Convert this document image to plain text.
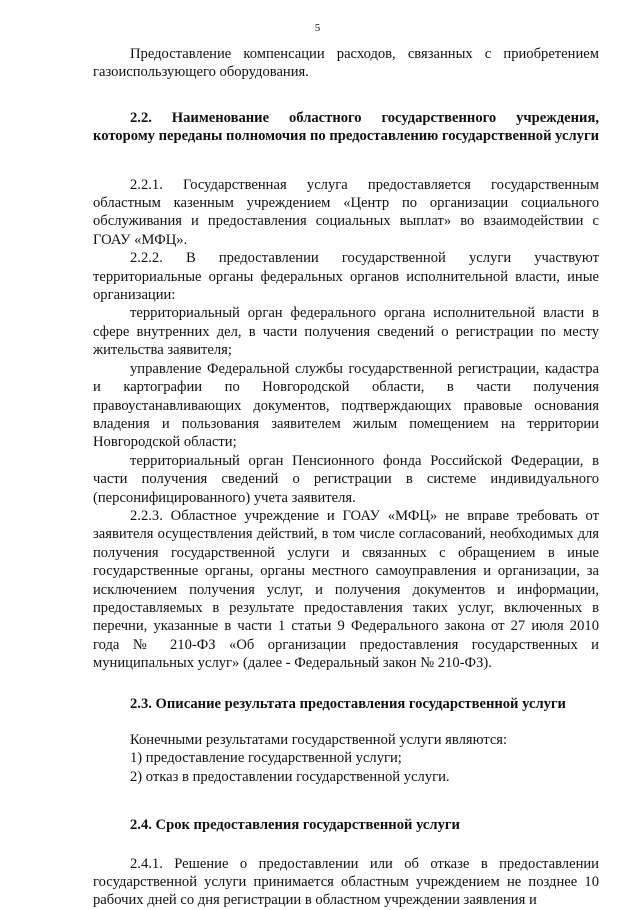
5

Предоставление компенсации расходов, связанных с приобретением газоиспользующего оборудования.

2.2. Наименование областного государственного учреждения, которому переданы полномочия по предоставлению государственной услуги

2.2.1. Государственная услуга предоставляется государственным областным казенным учреждением «Центр по организации социального обслуживания и предоставления социальных выплат» во взаимодействии с ГОАУ «МФЦ».

2.2.2. В предоставлении государственной услуги участвуют территориальные органы федеральных органов исполнительной власти, иные организации:

территориальный орган федерального органа исполнительной власти в сфере внутренних дел, в части получения сведений о регистрации по месту жительства заявителя;

управление Федеральной службы государственной регистрации, кадастра и картографии по Новгородской области, в части получения правоустанавливающих документов, подтверждающих правовые основания владения и пользования заявителем жилым помещением на территории Новгородской области;

территориальный орган Пенсионного фонда Российской Федерации, в части получения сведений о регистрации в системе индивидуального (персонифицированного) учета заявителя.

2.2.3. Областное учреждение и ГОАУ «МФЦ» не вправе требовать от заявителя осуществления действий, в том числе согласований, необходимых для получения государственной услуги и связанных с обращением в иные государственные органы, органы местного самоуправления и организации, за исключением получения услуг, и получения документов и информации, предоставляемых в результате предоставления таких услуг, включенных в перечни, указанные в части 1 статьи 9 Федерального закона от 27 июля 2010 года № 210-ФЗ «Об организации предоставления государственных и муниципальных услуг» (далее - Федеральный закон № 210-ФЗ).

2.3. Описание результата предоставления государственной услуги

Конечными результатами государственной услуги являются:

1) предоставление государственной услуги;

2) отказ в предоставлении государственной услуги.

2.4. Срок предоставления государственной услуги

2.4.1. Решение о предоставлении или об отказе в предоставлении государственной услуги принимается областным учреждением не позднее 10 рабочих дней со дня регистрации в областном учреждении заявления и
